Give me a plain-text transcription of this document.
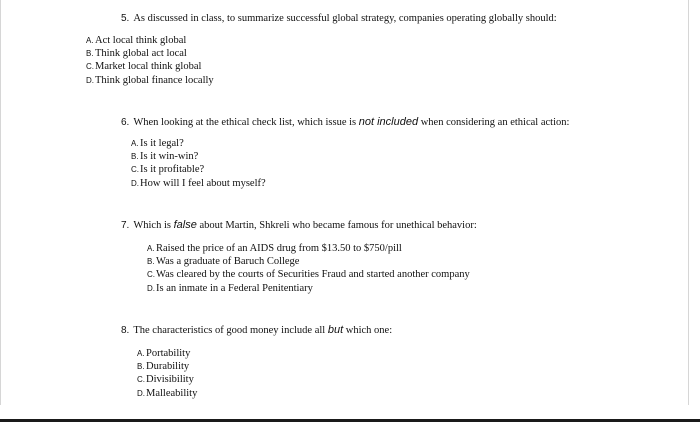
5. As discussed in class, to summarize successful global strategy, companies operating globally should:
A.Act local think global
B.Think global act local
C.Market local think global
D.Think global finance locally
6. When looking at the ethical check list, which issue is not included when considering an ethical action:
A.Is it legal?
B.Is it win-win?
C.Is it profitable?
D.How will I feel about myself?
7. Which is false about Martin, Shkreli who became famous for unethical behavior:
A.Raised the price of an AIDS drug from $13.50 to $750/pill
B.Was a graduate of Baruch College
C.Was cleared by the courts of Securities Fraud and started another company
D.Is an inmate in a Federal Penitentiary
8. The characteristics of good money include all but which one:
A.Portability
B.Durability
C.Divisibility
D.Malleability
